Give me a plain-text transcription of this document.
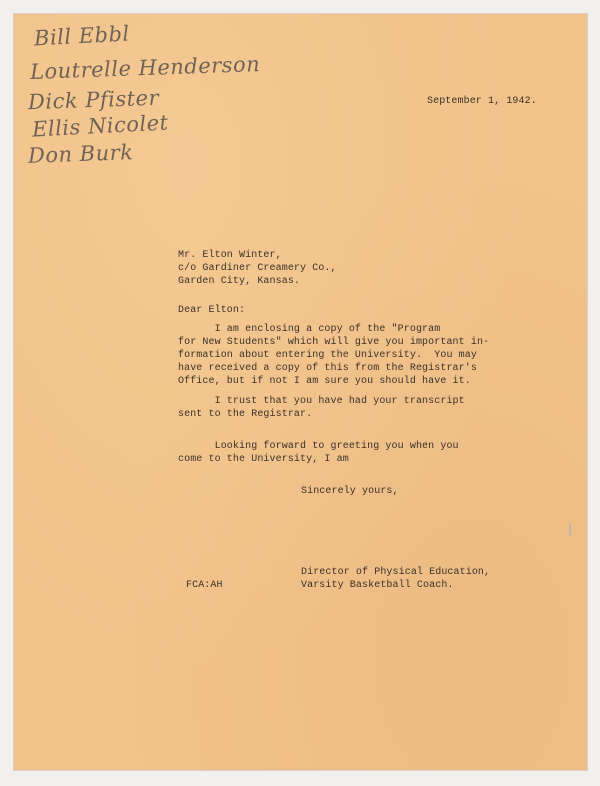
Bill Ebbl
Loutrelle Henderson
Dick Pfister
Ellis Nicolet
Don Burk
September 1, 1942.
Mr. Elton Winter,
c/o Gardiner Creamery Co.,
Garden City, Kansas.
Dear Elton:
I am enclosing a copy of the "Program
for New Students" which will give you important in-
formation about entering the University.  You may
have received a copy of this from the Registrar's
Office, but if not I am sure you should have it.
I trust that you have had your transcript
sent to the Registrar.
Looking forward to greeting you when you
come to the University, I am
Sincerely yours,
Director of Physical Education,
Varsity Basketball Coach.
FCA:AH
